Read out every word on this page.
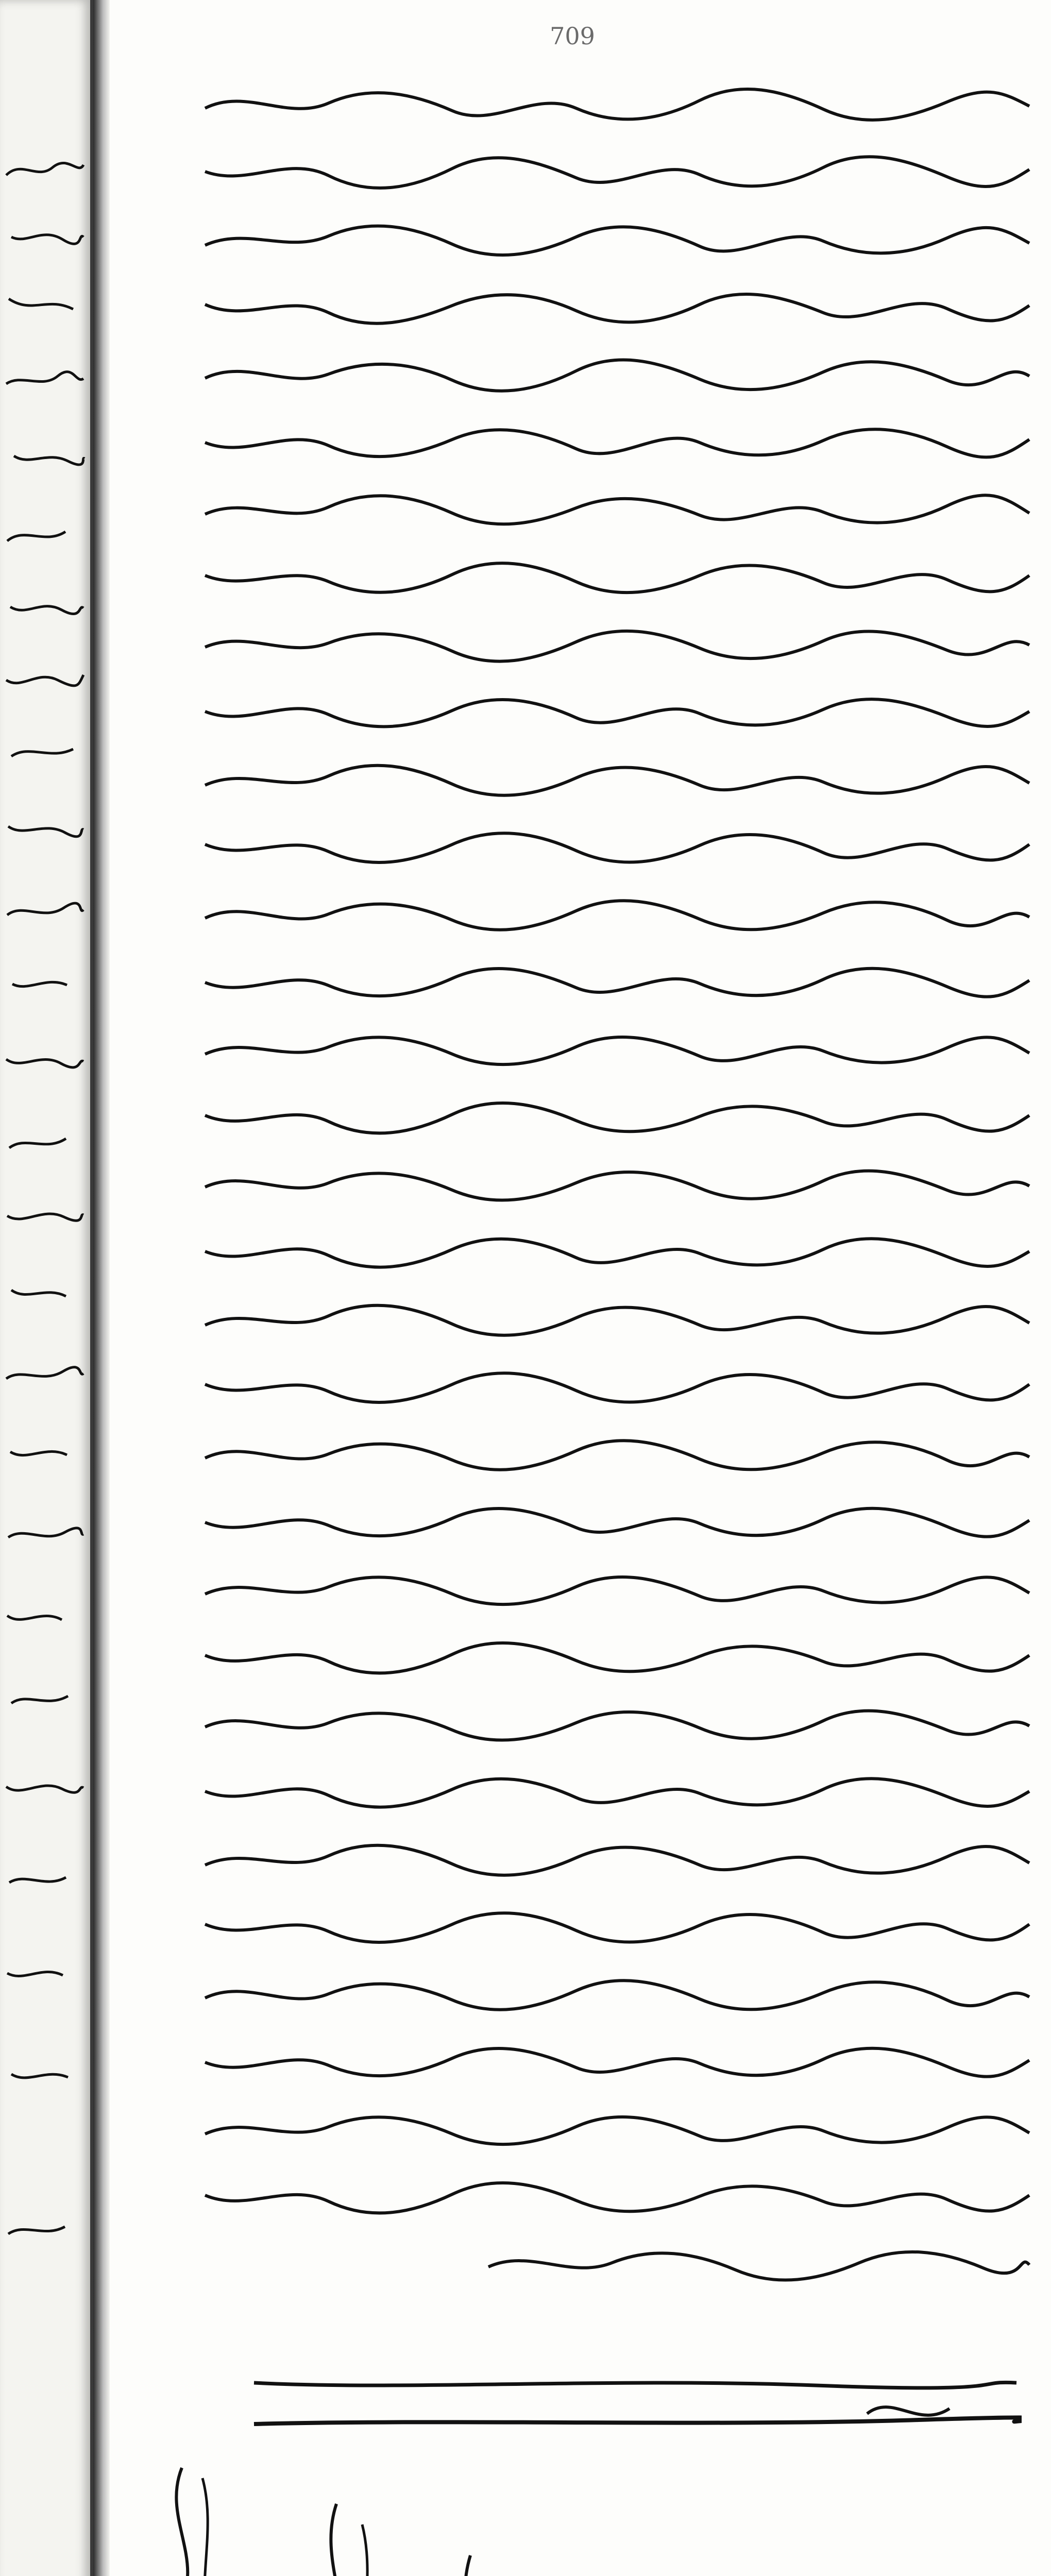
709
